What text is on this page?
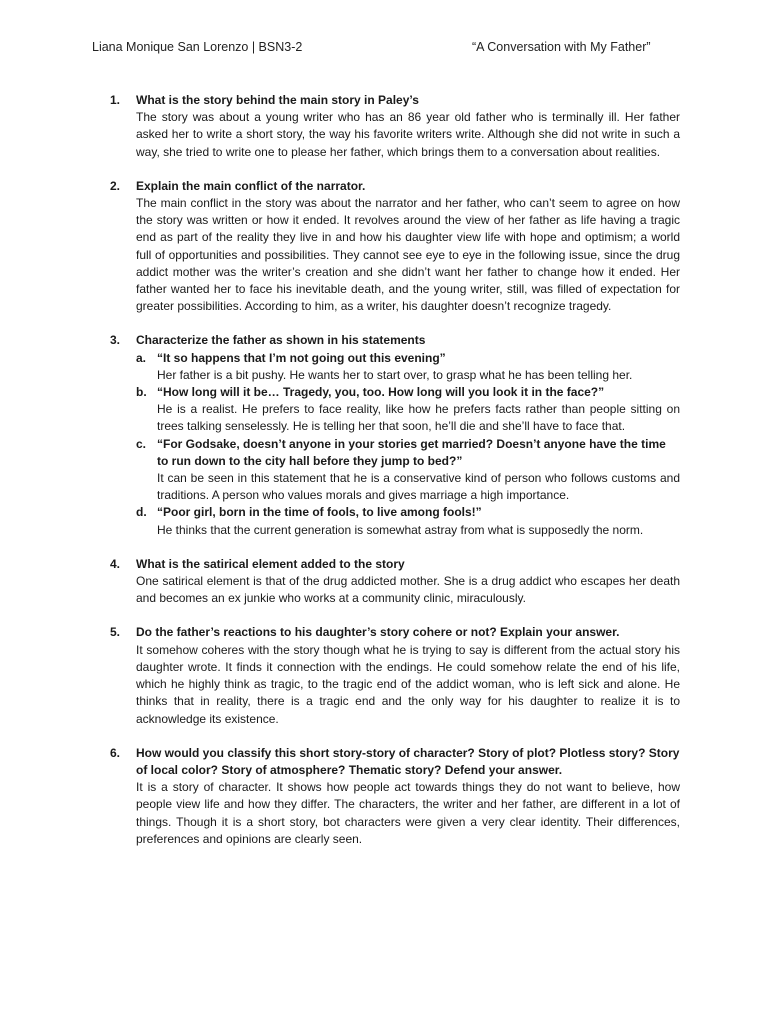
Liana Monique San Lorenzo | BSN3-2	“A Conversation with My Father”
1. What is the story behind the main story in Paley’s
The story was about a young writer who has an 86 year old father who is terminally ill. Her father asked her to write a short story, the way his favorite writers write. Although she did not write in such a way, she tried to write one to please her father, which brings them to a conversation about realities.
2. Explain the main conflict of the narrator.
The main conflict in the story was about the narrator and her father, who can’t seem to agree on how the story was written or how it ended. It revolves around the view of her father as life having a tragic end as part of the reality they live in and how his daughter view life with hope and optimism; a world full of opportunities and possibilities. They cannot see eye to eye in the following issue, since the drug addict mother was the writer’s creation and she didn’t want her father to change how it ended. Her father wanted her to face his inevitable death, and the young writer, still, was filled of expectation for greater possibilities. According to him, as a writer, his daughter doesn’t recognize tragedy.
3. Characterize the father as shown in his statements
a. “It so happens that I’m not going out this evening”
Her father is a bit pushy. He wants her to start over, to grasp what he has been telling her.
b. “How long will it be… Tragedy, you, too. How long will you look it in the face?”
He is a realist. He prefers to face reality, like how he prefers facts rather than people sitting on trees talking senselessly. He is telling her that soon, he’ll die and she’ll have to face that.
c. “For Godsake, doesn’t anyone in your stories get married? Doesn’t anyone have the time to run down to the city hall before they jump to bed?”
It can be seen in this statement that he is a conservative kind of person who follows customs and traditions. A person who values morals and gives marriage a high importance.
d. “Poor girl, born in the time of fools, to live among fools!”
He thinks that the current generation is somewhat astray from what is supposedly the norm.
4. What is the satirical element added to the story
One satirical element is that of the drug addicted mother. She is a drug addict who escapes her death and becomes an ex junkie who works at a community clinic, miraculously.
5. Do the father’s reactions to his daughter’s story cohere or not? Explain your answer.
It somehow coheres with the story though what he is trying to say is different from the actual story his daughter wrote. It finds it connection with the endings. He could somehow relate the end of his life, which he highly think as tragic, to the tragic end of the addict woman, who is left sick and alone. He thinks that in reality, there is a tragic end and the only way for his daughter to realize it is to acknowledge its existence.
6. How would you classify this short story-story of character? Story of plot? Plotless story? Story of local color? Story of atmosphere? Thematic story? Defend your answer.
It is a story of character. It shows how people act towards things they do not want to believe, how people view life and how they differ. The characters, the writer and her father, are different in a lot of things. Though it is a short story, bot characters were given a very clear identity. Their differences, preferences and opinions are clearly seen.
